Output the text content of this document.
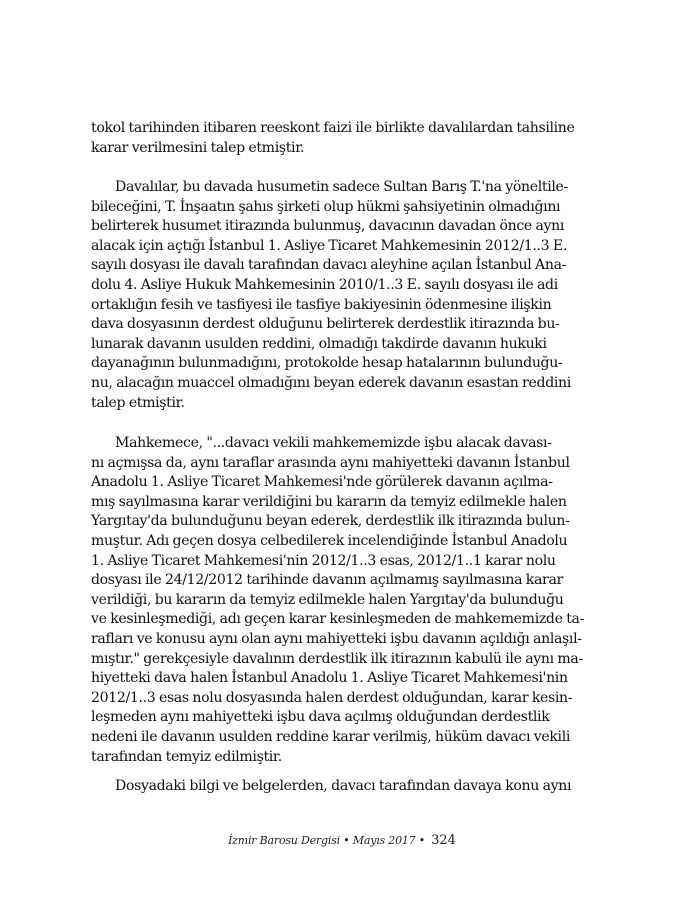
tokol tarihinden itibaren reeskont faizi ile birlikte davalılardan tahsiline
karar verilmesini talep etmiştir.
Davalılar, bu davada husumetin sadece Sultan Barış T.'na yöneltile-
bileceğini, T. İnşaatın şahıs şirketi olup hükmi şahsiyetinin olmadığını
belirterek husumet itirazında bulunmuş, davacının davadan önce aynı
alacak için açtığı İstanbul 1. Asliye Ticaret Mahkemesinin 2012/1..3 E.
sayılı dosyası ile davalı tarafından davacı aleyhine açılan İstanbul Ana-
dolu 4. Asliye Hukuk Mahkemesinin 2010/1..3 E. sayılı dosyası ile adi
ortaklığın fesih ve tasfiyesi ile tasfiye bakiyesinin ödenmesine ilişkin
dava dosyasının derdest olduğunu belirterek derdestlik itirazında bu-
lunarak davanın usulden reddini, olmadığı takdirde davanın hukuki
dayanağının bulunmadığını, protokolde hesap hatalarının bulunduğu-
nu, alacağın muaccel olmadığını beyan ederek davanın esastan reddini
talep etmiştir.
Mahkemece, "...davacı vekili mahkememizde işbu alacak davası-
nı açmışsa da, aynı taraflar arasında aynı mahiyetteki davanın İstanbul
Anadolu 1. Asliye Ticaret Mahkemesi'nde görülerek davanın açılma-
mış sayılmasına karar verildiğini bu kararın da temyiz edilmekle halen
Yargıtay'da bulunduğunu beyan ederek, derdestlik ilk itirazında bulun-
muştur. Adı geçen dosya celbedilerek incelendiğinde İstanbul Anadolu
1. Asliye Ticaret Mahkemesi'nin 2012/1..3 esas, 2012/1..1 karar nolu
dosyası ile 24/12/2012 tarihinde davanın açılmamış sayılmasına karar
verildiği, bu kararın da temyiz edilmekle halen Yargıtay'da bulunduğu
ve kesinleşmediği, adı geçen karar kesinleşmeden de mahkememizde ta-
rafları ve konusu aynı olan aynı mahiyetteki işbu davanın açıldığı anlaşıl-
mıştır." gerekçesiyle davalının derdestlik ilk itirazının kabulü ile aynı ma-
hiyetteki dava halen İstanbul Anadolu 1. Asliye Ticaret Mahkemesi'nin
2012/1..3 esas nolu dosyasında halen derdest olduğundan, karar kesin-
leşmeden aynı mahiyetteki işbu dava açılmış olduğundan derdestlik
nedeni ile davanın usulden reddine karar verilmiş, hüküm davacı vekili
tarafından temyiz edilmiştir.
Dosyadaki bilgi ve belgelerden, davacı tarafından davaya konu aynı
İzmir Barosu Dergisi • Mayıs 2017 • 324
